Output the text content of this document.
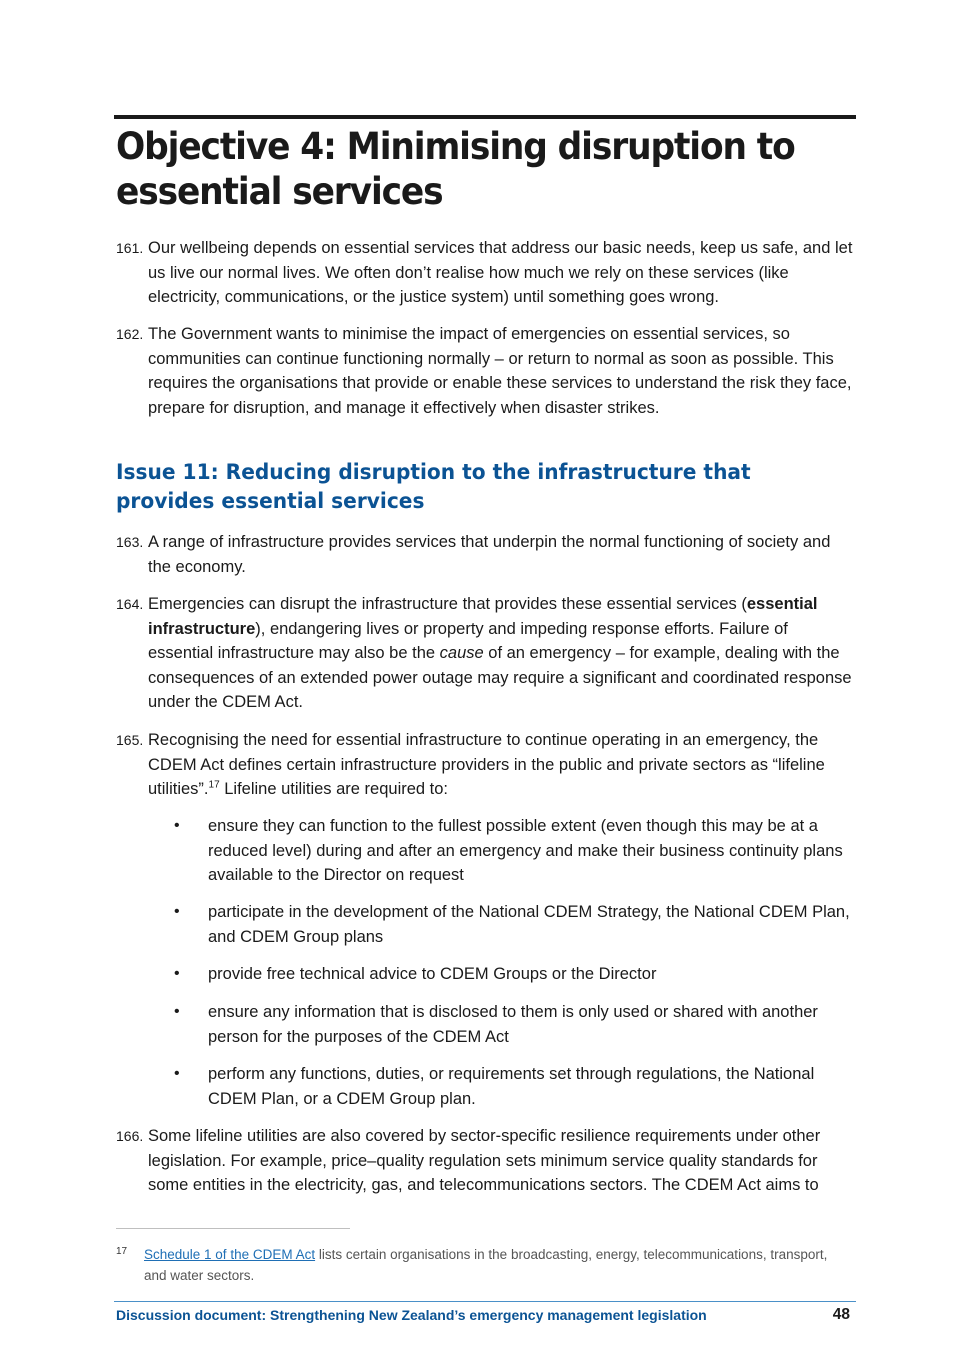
Objective 4: Minimising disruption to essential services
161. Our wellbeing depends on essential services that address our basic needs, keep us safe, and let us live our normal lives. We often don’t realise how much we rely on these services (like electricity, communications, or the justice system) until something goes wrong.
162. The Government wants to minimise the impact of emergencies on essential services, so communities can continue functioning normally – or return to normal as soon as possible. This requires the organisations that provide or enable these services to understand the risk they face, prepare for disruption, and manage it effectively when disaster strikes.
Issue 11: Reducing disruption to the infrastructure that provides essential services
163. A range of infrastructure provides services that underpin the normal functioning of society and the economy.
164. Emergencies can disrupt the infrastructure that provides these essential services (essential infrastructure), endangering lives or property and impeding response efforts. Failure of essential infrastructure may also be the cause of an emergency – for example, dealing with the consequences of an extended power outage may require a significant and coordinated response under the CDEM Act.
165. Recognising the need for essential infrastructure to continue operating in an emergency, the CDEM Act defines certain infrastructure providers in the public and private sectors as “lifeline utilities”.$^{17}$ Lifeline utilities are required to:
• ensure they can function to the fullest possible extent (even though this may be at a reduced level) during and after an emergency and make their business continuity plans available to the Director on request
• participate in the development of the National CDEM Strategy, the National CDEM Plan, and CDEM Group plans
• provide free technical advice to CDEM Groups or the Director
• ensure any information that is disclosed to them is only used or shared with another person for the purposes of the CDEM Act
• perform any functions, duties, or requirements set through regulations, the National CDEM Plan, or a CDEM Group plan.
166. Some lifeline utilities are also covered by sector-specific resilience requirements under other legislation. For example, price–quality regulation sets minimum service quality standards for some entities in the electricity, gas, and telecommunications sectors. The CDEM Act aims to
17 Schedule 1 of the CDEM Act lists certain organisations in the broadcasting, energy, telecommunications, transport, and water sectors.
Discussion document: Strengthening New Zealand’s emergency management legislation	48
